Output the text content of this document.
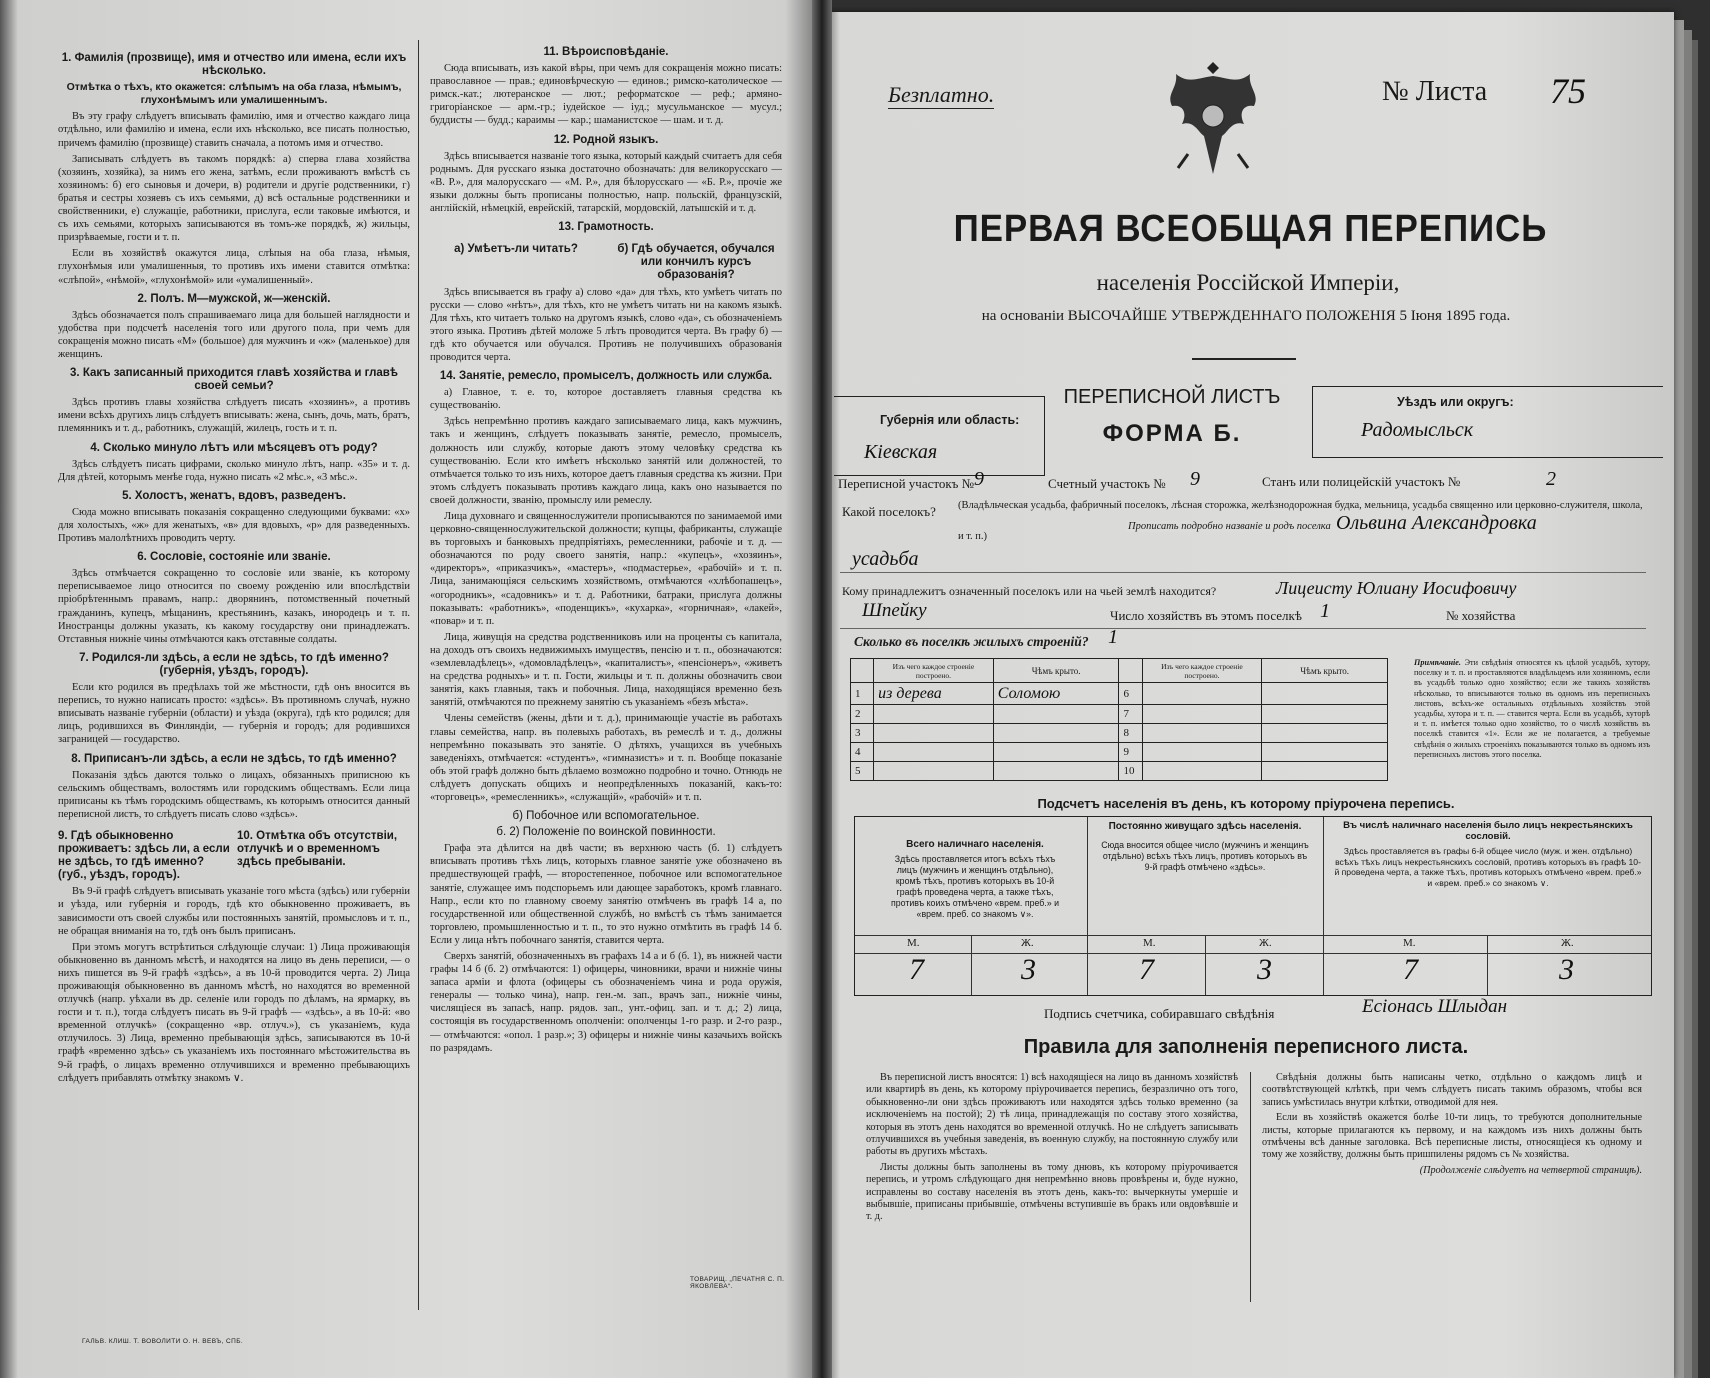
1. Фамилія (прозвище), имя и отчество или имена, если ихъ нѣсколько.
Отмѣтка о тѣхъ, кто окажется: слѣпымъ на оба глаза, нѣмымъ, глухонѣмымъ или умалишеннымъ.

Въ эту графу слѣдуетъ вписывать фамилію, имя и отчество каждаго лица отдѣльно, или фамилію и имена, если ихъ нѣсколько, все писать полностью, причемъ фамилію (прозвище) ставить сначала, а потомъ имя и отчество.

Записывать слѣдуетъ въ такомъ порядкѣ: а) сперва глава хозяйства (хозяинъ, хозяйка), за нимъ его жена, затѣмъ, если проживаютъ вмѣстѣ съ хозяиномъ: б) его сыновья и дочери, в) родители и другіе родственники, г) братья и сестры хозяевъ съ ихъ семьями, д) всѣ остальные родственники и свойственники, е) служащіе, работники, прислуга, если таковые имѣются, и съ ихъ семьями, которыхъ записываются въ томъ-же порядкѣ, ж) жильцы, призрѣваемые, гости и т. п.

Если въ хозяйствѣ окажутся лица, слѣпыя на оба глаза, нѣмыя, глухонѣмыя или умалишенныя, то противъ ихъ имени ставится отмѣтка: «слѣпой», «нѣмой», «глухонѣмой» или «умалишенный».

2. Полъ. М—мужской, ж—женскій.

Здѣсь обозначается полъ спрашиваемаго лица для большей наглядности и удобства при подсчетѣ населенія того или другого пола, при чемъ для сокращенія можно писать «М» (большое) для мужчинъ и «ж» (маленькое) для женщинъ.

3. Какъ записанный приходится главѣ хозяйства и главѣ своей семьи?

Здѣсь противъ главы хозяйства слѣдуетъ писать «хозяинъ», а противъ имени всѣхъ другихъ лицъ слѣдуетъ вписывать: жена, сынъ, дочь, мать, братъ, племянникъ и т. д., работникъ, служащій, жилецъ, гость и т. п.

4. Сколько минуло лѣтъ или мѣсяцевъ отъ роду?

Здѣсь слѣдуетъ писать цифрами, сколько минуло лѣтъ, напр. «35» и т. д. Для дѣтей, которымъ менѣе года, нужно писать «2 мѣс.», «3 мѣс.».

5. Холостъ, женатъ, вдовъ, разведенъ.

Сюда можно вписывать показанія сокращенно следующими буквами: «х» для холостыхъ, «ж» для женатыхъ, «в» для вдовыхъ, «р» для разведенныхъ. Противъ малолѣтнихъ проводить черту.

6. Сословіе, состояніе или званіе.

Здѣсь отмѣчается сокращенно то сословіе или званіе, къ которому переписываемое лицо относится по своему рожденію или впослѣдствіи пріобрѣтеннымъ правамъ, напр.: дворянинъ, потомственный почетный гражданинъ, купецъ, мѣщанинъ, крестьянинъ, казакъ, инородецъ и т. п. Иностранцы должны указать, къ какому государству они принадлежатъ. Отставныя нижніе чины отмѣчаются какъ отставные солдаты.

7. Родился-ли здѣсь, а если не здѣсь, то гдѣ именно? (губернія, уѣздъ, городъ).

Если кто родился въ предѣлахъ той же мѣстности, гдѣ онъ вносится въ перепись, то нужно написать просто: «здѣсь». Въ противномъ случаѣ, нужно вписывать названіе губерніи (области) и уѣзда (округа), гдѣ кто родился; для лицъ, родившихся въ Финляндіи, — губернія и городъ; для родившихся заграницей — государство.

8. Приписанъ-ли здѣсь, а если не здѣсь, то гдѣ именно?

Показанія здѣсь даются только о лицахъ, обязанныхъ приписною къ сельскимъ обществамъ, волостямъ или городскимъ обществамъ. Если лица приписаны къ тѣмъ городскимъ обществамъ, къ которымъ относится данный переписной листъ, то слѣдуетъ писать слово «здѣсь».

9. Гдѣ обыкновенно проживаетъ: здѣсь ли, а если не здѣсь, то гдѣ именно? (губ., уѣздъ, городъ).
10. Отмѣтка объ отсутствіи, отлучкѣ и о временномъ здѣсь пребываніи.

Въ 9-й графѣ слѣдуетъ вписывать указаніе того мѣста (здѣсь) или губерніи и уѣзда, или губернія и городъ, гдѣ кто обыкновенно проживаетъ, въ зависимости отъ своей службы или постоянныхъ занятій, промысловъ и т. п., не обращая вниманія на то, гдѣ онъ былъ приписанъ.

При этомъ могутъ встрѣтиться слѣдующіе случаи: 1) Лица проживающія обыкновенно въ данномъ мѣстѣ, и находятся на лицо въ день переписи, — о нихъ пишется въ 9-й графѣ «здѣсь», а въ 10-й проводится черта. 2) Лица проживающія обыкновенно въ данномъ мѣстѣ, но находятся во временной отлучкѣ (напр. уѣхали въ др. селеніе или городъ по дѣламъ, на ярмарку, въ гости и т. п.), тогда слѣдуетъ писать въ 9-й графѣ — «здѣсь», а въ 10-й: «во временной отлучкѣ» (сокращенно «вр. отлуч.»), съ указаніемъ, куда отлучилось. 3) Лица, временно пребывающія здѣсь, записываются въ 10-й графѣ «временно здѣсь» съ указаніемъ ихъ постояннаго мѣстожительства въ 9-й графѣ, о лицахъ временно отлучившихся и временно пребывающихъ слѣдуетъ прибавлять отмѣтку знакомъ ∨.

11. Вѣроисповѣданіе.

Сюда вписывать, изъ какой вѣры, при чемъ для сокращенія можно писать: православное — прав.; единовѣрческую — единов.; римско-католическое — римск.-кат.; лютеранское — лют.; реформатское — реф.; армяно-григоріанское — арм.-гр.; іудейское — іуд.; мусульманское — мусул.; буддисты — будд.; караимы — кар.; шаманистское — шам. и т. д.

12. Родной языкъ.

Здѣсь вписывается названіе того языка, который каждый считаетъ для себя роднымъ. Для русскаго языка достаточно обозначать: для великорусскаго — «В. Р.», для малорусскаго — «М. Р.», для бѣлорусскаго — «Б. Р.», прочіе же языки должны быть прописаны полностью, напр. польскій, французскій, англійскій, нѣмецкій, еврейскій, татарскій, мордовскій, латышскій и т. д.

13. Грамотность.
а) Умѣетъ-ли читать?	б) Гдѣ обучается, обучался или кончилъ курсъ образованія?

Здѣсь вписывается въ графу а) слово «да» для тѣхъ, кто умѣетъ читать по русски — слово «нѣтъ», для тѣхъ, кто не умѣетъ читать ни на какомъ языкѣ. Для тѣхъ, кто читаетъ только на другомъ языкѣ, слово «да», съ обозначеніемъ этого языка. Противъ дѣтей моложе 5 лѣтъ проводится черта. Въ графу б) — гдѣ кто обучается или обучался. Противъ не получившихъ образованія проводится черта.

14. Занятіе, ремесло, промыселъ, должность или служба.

а) Главное, т. е. то, которое доставляетъ главныя средства къ существованію.

Здѣсь непремѣнно противъ каждаго записываемаго лица, какъ мужчинъ, такъ и женщинъ, слѣдуетъ показывать занятіе, ремесло, промыселъ, должность или службу, которые даютъ этому человѣку средства къ существованію. Если кто имѣетъ нѣсколько занятій или должностей, то отмѣчается только то изъ нихъ, которое даетъ главныя средства къ жизни. При этомъ слѣдуетъ показывать противъ каждаго лица, какъ оно называется по своей должности, званію, промыслу или ремеслу.

Лица духовнаго и священнослужители прописываются по занимаемой ими церковно-священнослужительской должности; купцы, фабриканты, служащіе въ торговыхъ и банковыхъ предпріятіяхъ, ремесленники, рабочіе и т. д. — обозначаются по роду своего занятія, напр.: «купецъ», «хозяинъ», «директоръ», «приказчикъ», «мастеръ», «подмастерье», «рабочій» и т. п. Лица, занимающіяся сельскимъ хозяйствомъ, отмѣчаются «хлѣбопашецъ», «огородникъ», «садовникъ» и т. д. Работники, батраки, прислуга должны показывать: «работникъ», «поденщикъ», «кухарка», «горничная», «лакей», «повар» и т. п.

Лица, живущія на средства родственниковъ или на проценты съ капитала, на доходъ отъ своихъ недвижимыхъ имуществъ, пенсію и т. п., обозначаются: «землевладѣлецъ», «домовладѣлецъ», «капиталистъ», «пенсіонеръ», «живетъ на средства родныхъ» и т. п. Гости, жильцы и т. п. должны обозначить свои занятія, какъ главныя, такъ и побочныя. Лица, находящіяся временно безъ занятій, отмѣчаются по прежнему занятію съ указаніемъ «безъ мѣста».

Члены семействъ (жены, дѣти и т. д.), принимающіе участіе въ работахъ главы семейства, напр. въ полевыхъ работахъ, въ ремеслѣ и т. д., должны непремѣнно показывать это занятіе. О дѣтяхъ, учащихся въ учебныхъ заведеніяхъ, отмѣчается: «студентъ», «гимназистъ» и т. п. Вообще показаніе объ этой графѣ должно быть дѣлаемо возможно подробно и точно. Отнюдь не слѣдуетъ допускать общихъ и неопредѣленныхъ показаній, какъ-то: «торговецъ», «ремесленникъ», «служащій», «рабочій» и т. п.

б) Побочное или вспомогательное.
б. 2) Положеніе по воинской повинности.

Графа эта дѣлится на двѣ части; въ верхнюю часть (б. 1) слѣдуетъ вписывать противъ тѣхъ лицъ, которыхъ главное занятіе уже обозначено въ предшествующей графѣ, — второстепенное, побочное или вспомогательное занятіе, служащее имъ подспорьемъ или дающее заработокъ, кромѣ главнаго. Напр., если кто по главному своему занятію отмѣченъ въ графѣ 14 а, по государственной или общественной службѣ, но вмѣстѣ съ тѣмъ занимается торговлею, промышленностью и т. п., то это нужно отмѣтить въ графѣ 14 б. Если у лица нѣтъ побочнаго занятія, ставится черта.

Сверхъ занятій, обозначенныхъ въ графахъ 14 а и б (б. 1), въ нижней части графы 14 б (б. 2) отмѣчаются: 1) офицеры, чиновники, врачи и нижніе чины запаса армiи и флота (офицеры съ обозначеніемъ чина и рода оружія, генералы — только чина), напр. ген.-м. зап., врачъ зап., нижніе чины, числящіеся въ запасѣ, напр. рядов. зап., унт.-офиц. зап. и т. д.; 2) лица, состоящія въ государственномъ ополченіи: ополченцы 1-го разр. и 2-го разр., — отмѣчаются: «опол. 1 разр.»; 3) офицеры и нижніе чины казачьихъ войскъ по разрядамъ.

ТОВАРИЩ. „ПЕЧАТНЯ С. П. ЯКОВЛЕВА“.
ГАЛЬВ. КЛИШ. Т. ВОВОЛИТИ О. Н. ВЕВЪ, СПБ.
Безплатно.	№ Листа 75
ПЕРВАЯ ВСЕОБЩАЯ ПЕРЕПИСЬ
населенія Россійской Имперіи,
на основаніи ВЫСОЧАЙШЕ УТВЕРЖДЕННАГО ПОЛОЖЕНІЯ 5 Іюня 1895 года.
Губернія или область:
Кіевская
ПЕРЕПИСНОЙ ЛИСТЪ
ФОРМА Б.
Уѣздъ или округъ:
Радомысльск
Переписной участокъ № 9	Счетный участокъ № 9	Станъ или полицейскій участокъ №	2
Какой поселокъ? (Владѣльческая усадьба, фабричный поселокъ, лѣсная сторожка, желѣзнодорожная будка, мельница, усадьба священно или церковно-служителя, школа, и т. п.)
Прописать подробно названіе и родъ поселка Ольвина Александровка
усадьба
Кому принадлежитъ означенный поселокъ или на чьей землѣ находится?	Лицеисту Юлиану Иосифовичу
Шпейку	Число хозяйствъ въ этомъ поселкѣ 1	№ хозяйства
Сколько въ поселкѣ жилыхъ строеній? 1
	Изъ чего каждое строеніе построено.	Чѣмъ крыто.		Изъ чего каждое строеніе построено.	Чѣмъ крыто.
1	из дерева	Соломою	6		
2			7		
3			8		
4			9		
5			10		
Примѣчаніе. Эти свѣдѣнія относятся къ цѣлой усадьбѣ, хутору, поселку и т. п. и проставляются владѣльцемъ или хозяиномъ, если въ усадьбѣ только одно хозяйство; если же такихъ хозяйствъ нѣсколько, то вписываются только въ одномъ изъ переписныхъ листовъ, всѣхъ-же остальныхъ отдѣльныхъ хозяйствъ этой усадьбы, хутора и т. п. — ставится черта. Если въ усадьбѣ, хуторѣ и т. п. имѣется только одно хозяйство, то о числѣ хозяйствъ въ поселкѣ ставится «1». Если же не полагается, а требуемые свѣдѣнія о жилыхъ строеніяхъ показываются только въ одномъ изъ переписныхъ листовъ этого поселка.
Подсчетъ населенія въ день, къ которому пріурочена перепись.
Всего наличнаго населенія.
Здѣсь проставляется итогъ всѣхъ тѣхъ лицъ (мужчинъ и женщинъ отдѣльно), кромѣ тѣхъ, противъ которыхъ въ 10-й графѣ проведена черта, а также тѣхъ, противъ коихъ отмѣчено «врем. преб.» и «врем. преб. со знакомъ ∨».
Постоянно живущаго здѣсь населенія.
Сюда вносится общее число (мужчинъ и женщинъ отдѣльно) всѣхъ тѣхъ лицъ, противъ которыхъ въ 9-й графѣ отмѣчено «здѣсь».
Въ числѣ наличнаго населенія было лицъ некрестьянскихъ сословій.
Здѣсь проставляется въ графы 6-й общее число (муж. и жен. отдѣльно) всѣхъ тѣхъ лицъ некрестьянскихъ сословій, противъ которыхъ въ графѣ 10-й проведена черта, а также тѣхъ, противъ которыхъ отмѣчено «врем. преб.» и «врем. преб.» со знакомъ ∨.
М.	Ж.	М.	Ж.	М.	Ж.
7	3	7	3	7	3
Подпись счетчика, собиравшаго свѣдѣнія	Есіонась Шлыдан
Правила для заполненія переписного листа.

Въ переписной листъ вносятся: 1) всѣ находящіеся на лицо въ данномъ хозяйствѣ или квартирѣ въ день, къ которому пріурочивается перепись, безразлично отъ того, обыкновенно-ли они здѣсь проживаютъ или находятся здѣсь только временно (за исключеніемъ на постой); 2) тѣ лица, принадлежащія по составу этого хозяйства, которыя въ этотъ день находятся во временной отлучкѣ. Но не слѣдуетъ записывать отлучившихся въ учебныя заведенія, въ военную службу, на постоянную службу или работы въ другихъ мѣстахъ.

Листы должны быть заполнены въ тому днювъ, къ которому пріурочивается перепись, и утромъ слѣдующаго дня непремѣнно вновь провѣрены и, буде нужно, исправлены во составу населенія въ этотъ день, какъ-то: вычеркнуты умершіе и выбывшіе, приписаны прибывшіе, отмѣчены вступившіе въ бракъ или овдовѣвшіе и т. д.

Свѣдѣнія должны быть написаны четко, отдѣльно о каждомъ лицѣ и соотвѣтствующей клѣткѣ, при чемъ слѣдуетъ писать такимъ образомъ, чтобы вся запись умѣстилась внутри клѣтки, отводимой для нея.

Если въ хозяйствѣ окажется болѣе 10-ти лицъ, то требуются дополнительные листы, которые прилагаются къ первому, и на каждомъ изъ нихъ должны быть отмѣчены всѣ данные заголовка. Всѣ переписные листы, относящіеся къ одному и тому же хозяйству, должны быть пришпилены рядомъ съ № хозяйства.

(Продолженіе слѣдуетъ на четвертой страницѣ).
